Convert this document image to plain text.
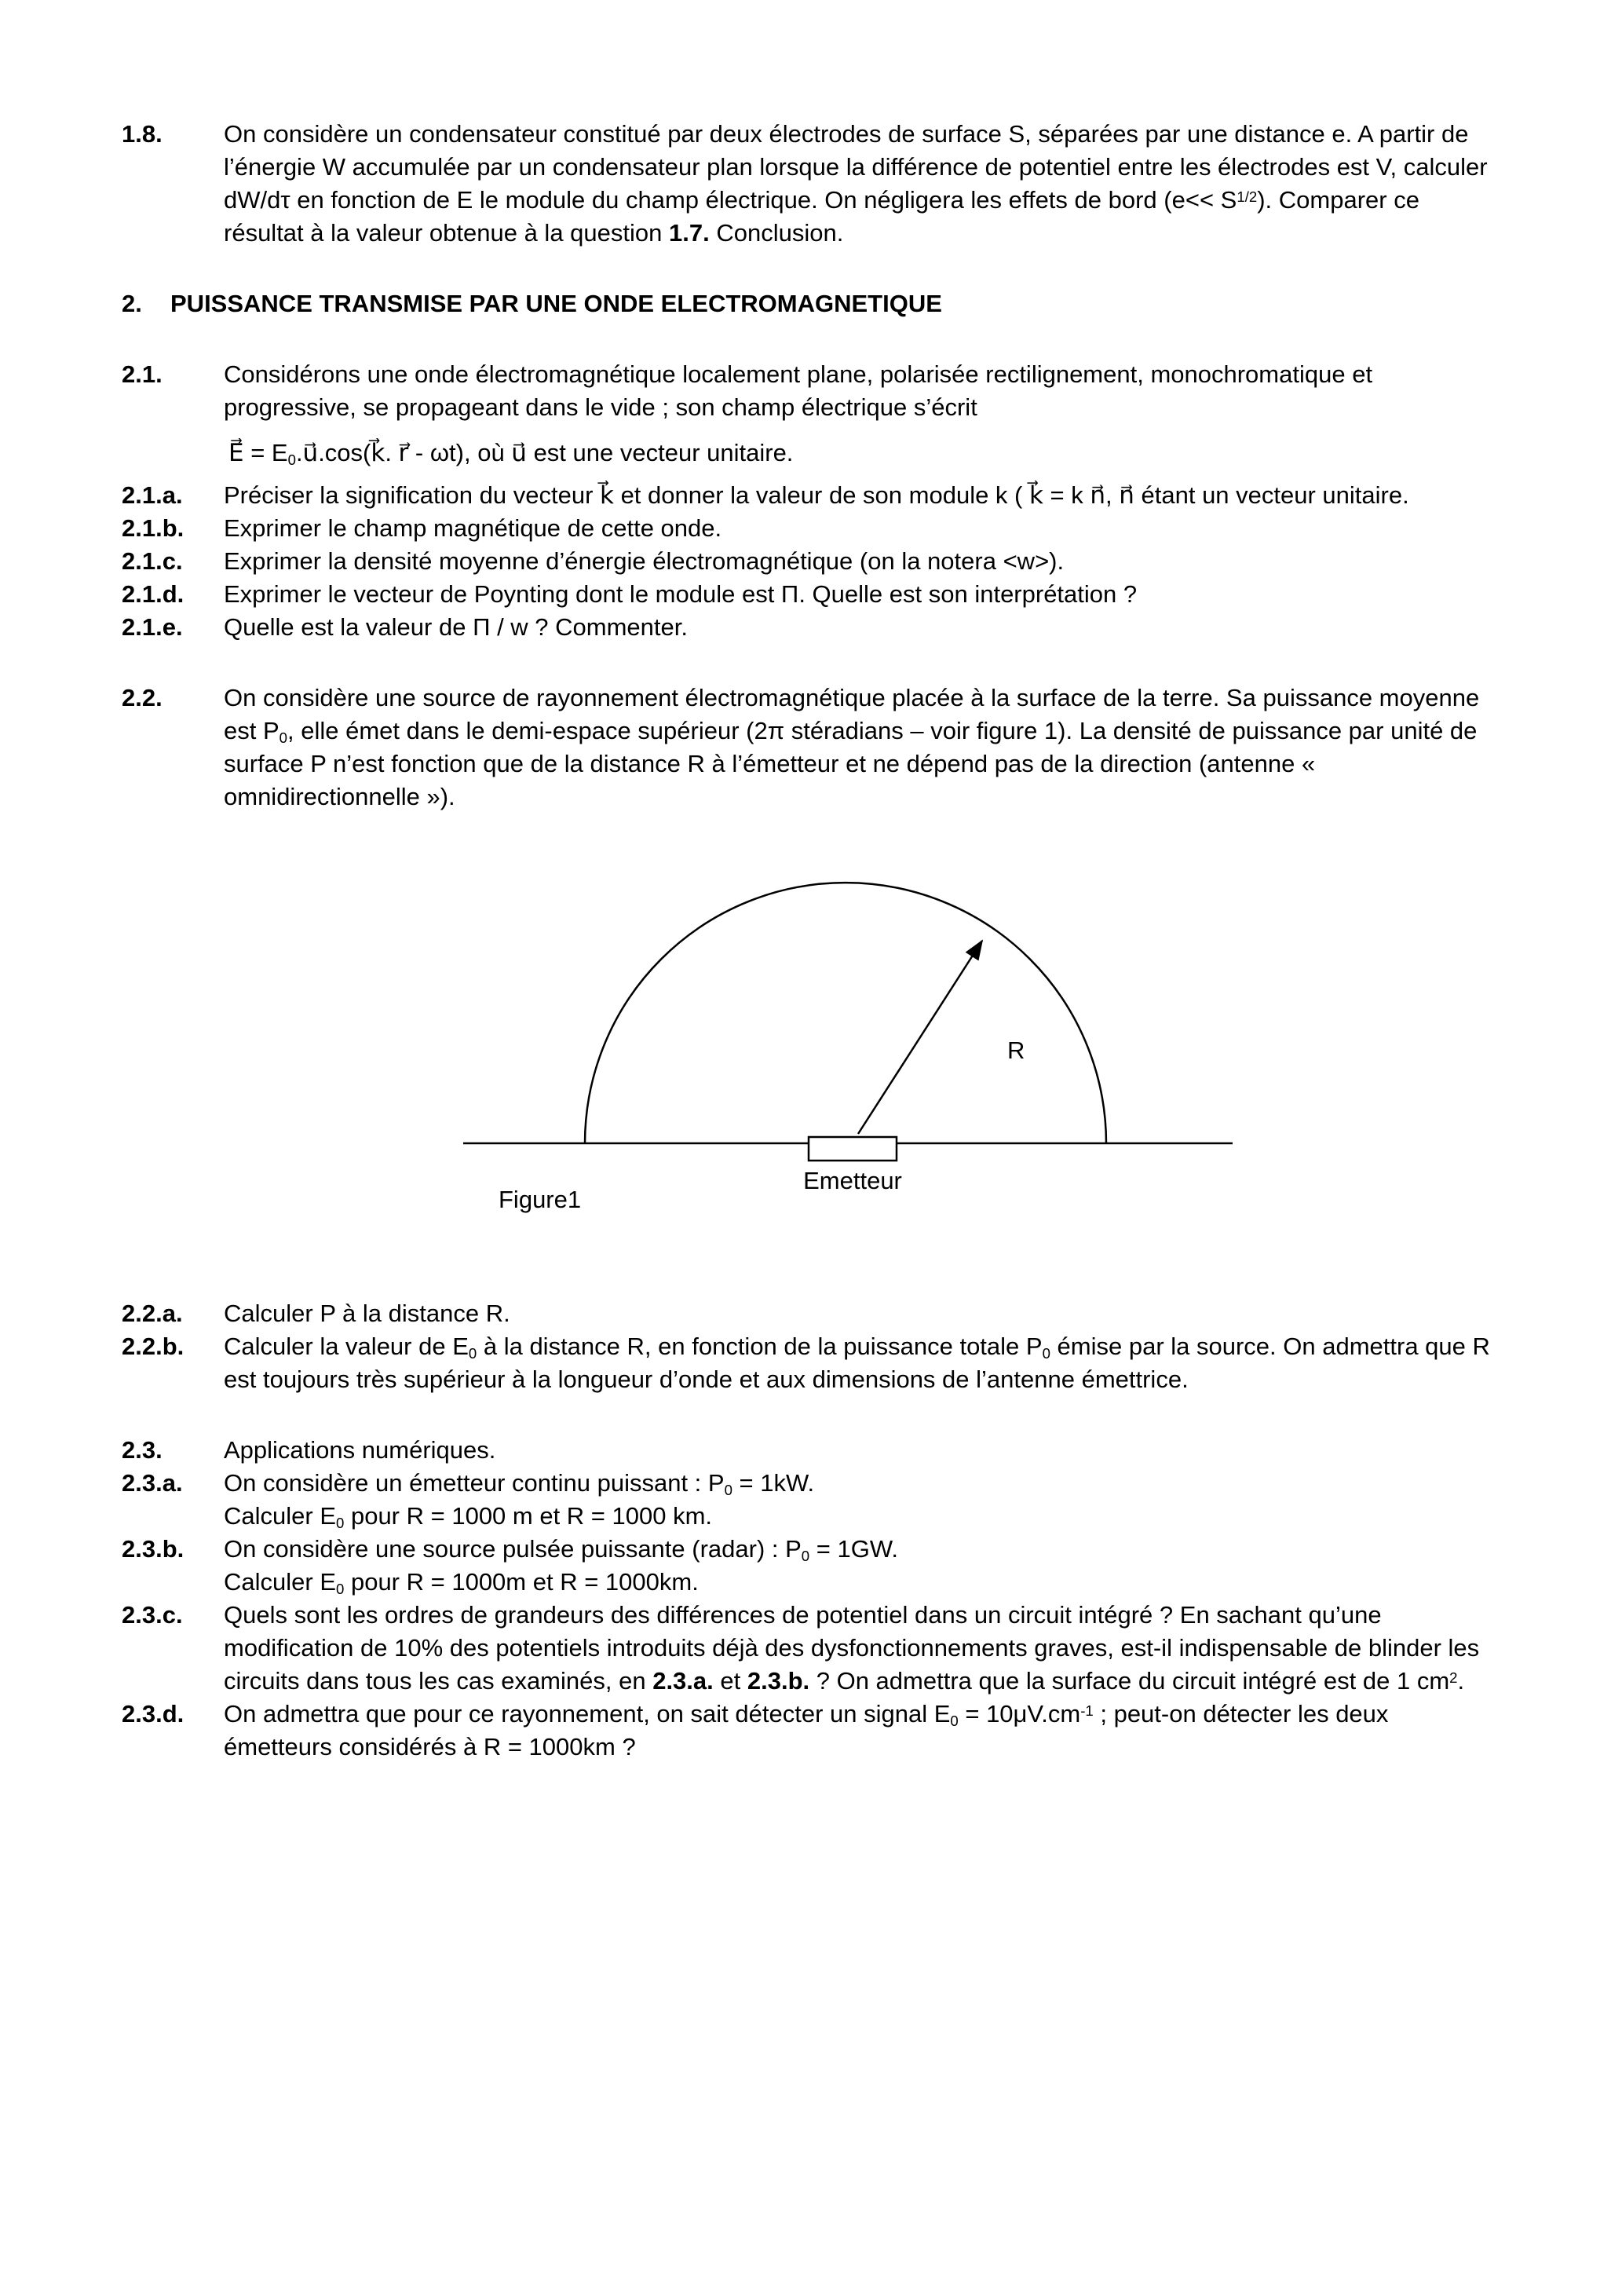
1.8.	On considère un condensateur constitué par deux électrodes de surface S, séparées par une distance e. A partir de l’énergie W accumulée par un condensateur plan lorsque la différence de potentiel entre les électrodes est V, calculer dW/dτ en fonction de E le module du champ électrique. On négligera les effets de bord $(e<< S^{1/2})$. Comparer ce résultat à la valeur obtenue à la question 1.7. Conclusion.
2. PUISSANCE TRANSMISE PAR UNE ONDE ELECTROMAGNETIQUE
2.1.	Considérons une onde électromagnétique localement plane, polarisée rectilignement, monochromatique et progressive, se propageant dans le vide ; son champ électrique s’écrit
E⃗ = $E_0.u⃗.\cos(k⃗$. r⃗ - ωt), où u⃗ est une vecteur unitaire.
2.1.a. Préciser la signification du vecteur k⃗ et donner la valeur de son module k ( k⃗ = k n⃗, n⃗ étant un vecteur unitaire.
2.1.b. Exprimer le champ magnétique de cette onde.
2.1.c. Exprimer la densité moyenne d’énergie électromagnétique (on la notera <w>).
2.1.d. Exprimer le vecteur de Poynting dont le module est Π. Quelle est son interprétation ?
2.1.e. Quelle est la valeur de Π / w ? Commenter.
2.2.	On considère une source de rayonnement électromagnétique placée à la surface de la terre. Sa puissance moyenne est $P_0$, elle émet dans le demi-espace supérieur (2π stéradians – voir figure 1). La densité de puissance par unité de surface P n’est fonction que de la distance R à l’émetteur et ne dépend pas de la direction (antenne « omnidirectionnelle »).
R
Emetteur
Figure1
2.2.a. Calculer P à la distance R.
2.2.b. Calculer la valeur de $E_0$ à la distance R, en fonction de la puissance totale $P_0$ émise par la source. On admettra que R est toujours très supérieur à la longueur d’onde et aux dimensions de l’antenne émettrice.
2.3.	Applications numériques.
2.3.a. On considère un émetteur continu puissant : $P_0 = 1kW$.
Calculer $E_0$ pour R = 1000 m et R = 1000 km.
2.3.b. On considère une source pulsée puissante (radar) : $P_0 = 1GW$.
Calculer $E_0$ pour R = 1000m et R = 1000km.
2.3.c. Quels sont les ordres de grandeurs des différences de potentiel dans un circuit intégré ? En sachant qu’une modification de 10% des potentiels introduits déjà des dysfonctionnements graves, est-il indispensable de blinder les circuits dans tous les cas examinés, en 2.3.a. et 2.3.b. ? On admettra que la surface du circuit intégré est de 1 $cm^2$.
2.3.d. On admettra que pour ce rayonnement, on sait détecter un signal $E_0 = 10\mu V.cm^{-1}$ ; peut-on détecter les deux émetteurs considérés à R = 1000km ?
